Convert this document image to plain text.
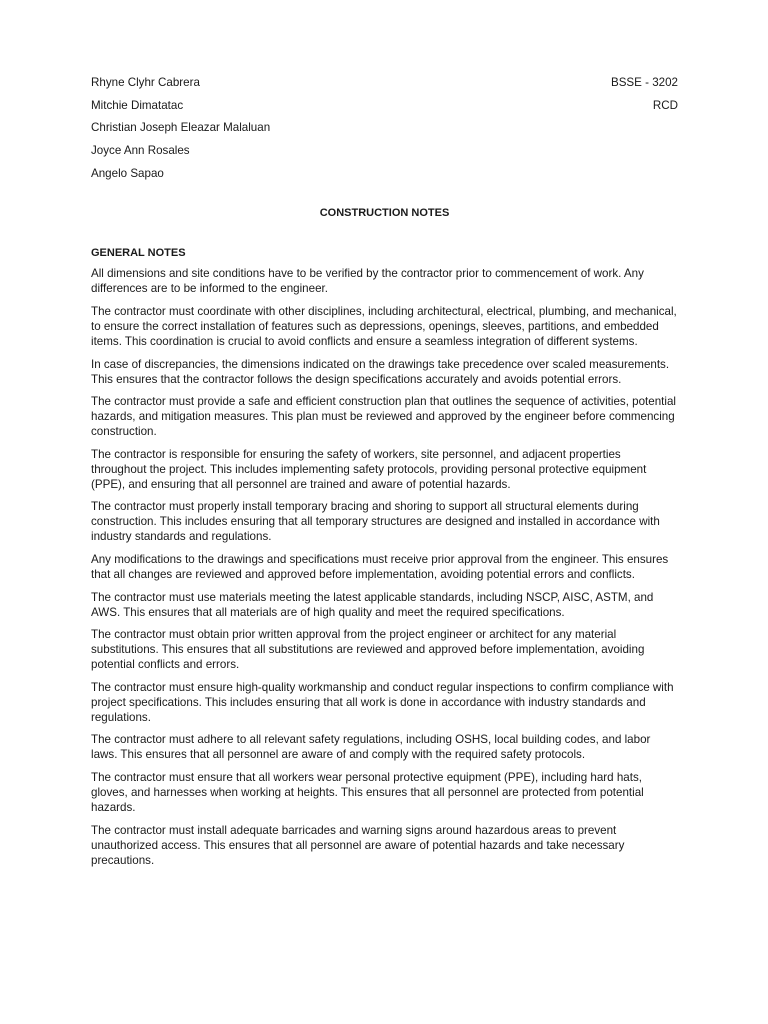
Rhyne Clyhr Cabrera
Mitchie Dimatatac
Christian Joseph Eleazar Malaluan
Joyce Ann Rosales
Angelo Sapao
BSSE - 3202
RCD
CONSTRUCTION NOTES
GENERAL NOTES

All dimensions and site conditions have to be verified by the contractor prior to commencement of work. Any differences are to be informed to the engineer.

The contractor must coordinate with other disciplines, including architectural, electrical, plumbing, and mechanical, to ensure the correct installation of features such as depressions, openings, sleeves, partitions, and embedded items. This coordination is crucial to avoid conflicts and ensure a seamless integration of different systems.

In case of discrepancies, the dimensions indicated on the drawings take precedence over scaled measurements. This ensures that the contractor follows the design specifications accurately and avoids potential errors.

The contractor must provide a safe and efficient construction plan that outlines the sequence of activities, potential hazards, and mitigation measures. This plan must be reviewed and approved by the engineer before commencing construction.

The contractor is responsible for ensuring the safety of workers, site personnel, and adjacent properties throughout the project. This includes implementing safety protocols, providing personal protective equipment (PPE), and ensuring that all personnel are trained and aware of potential hazards.

The contractor must properly install temporary bracing and shoring to support all structural elements during construction. This includes ensuring that all temporary structures are designed and installed in accordance with industry standards and regulations.

Any modifications to the drawings and specifications must receive prior approval from the engineer. This ensures that all changes are reviewed and approved before implementation, avoiding potential errors and conflicts.

The contractor must use materials meeting the latest applicable standards, including NSCP, AISC, ASTM, and AWS. This ensures that all materials are of high quality and meet the required specifications.

The contractor must obtain prior written approval from the project engineer or architect for any material substitutions. This ensures that all substitutions are reviewed and approved before implementation, avoiding potential conflicts and errors.

The contractor must ensure high-quality workmanship and conduct regular inspections to confirm compliance with project specifications. This includes ensuring that all work is done in accordance with industry standards and regulations.

The contractor must adhere to all relevant safety regulations, including OSHS, local building codes, and labor laws. This ensures that all personnel are aware of and comply with the required safety protocols.

The contractor must ensure that all workers wear personal protective equipment (PPE), including hard hats, gloves, and harnesses when working at heights. This ensures that all personnel are protected from potential hazards.

The contractor must install adequate barricades and warning signs around hazardous areas to prevent unauthorized access. This ensures that all personnel are aware of potential hazards and take necessary precautions.
